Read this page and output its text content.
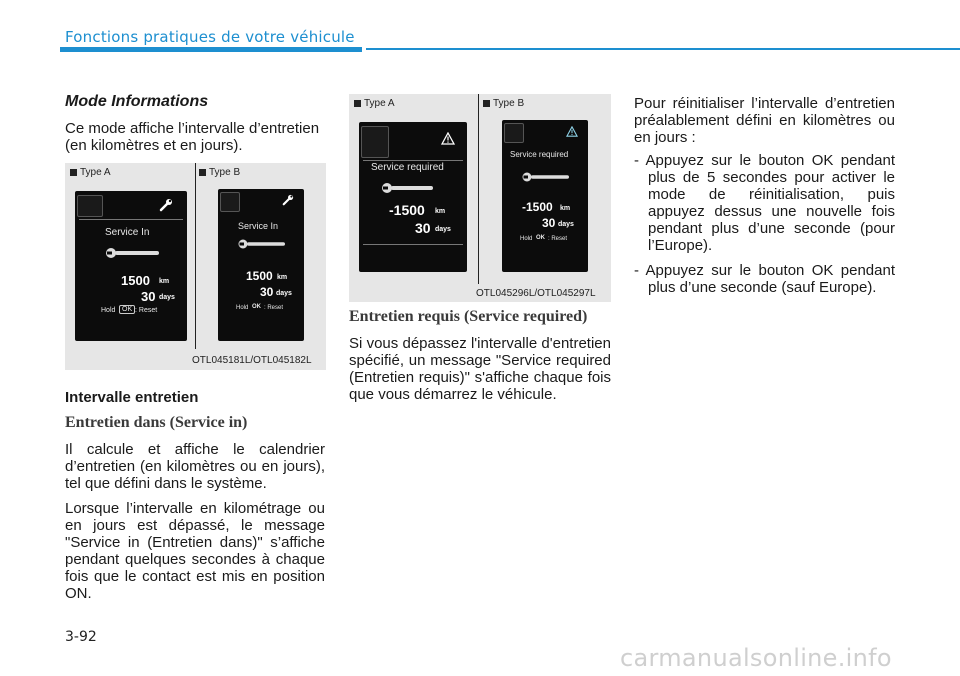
Fonctions pratiques de votre véhicule
Mode Informations

Ce mode affiche l’intervalle d’entretien (en kilomètres et en jours).

Type A	Type B
Service In
1500 km
30 days
Hold OK : Reset
Service In
1500 km
30 days
Hold OK : Reset
OTL045181L/OTL045182L
Intervalle entretien
Entretien dans (Service in)

Il calcule et affiche le calendrier d’entretien (en kilomètres ou en jours), tel que défini dans le système.

Lorsque l’intervalle en kilométrage ou en jours est dépassé, le message "Service in (Entretien dans)" s’affiche pendant quelques secondes à chaque fois que le contact est mis en position ON.

Type A	Type B
Service required
-1500 km
30 days
Service required
-1500 km
30 days
Hold OK : Reset
OTL045296L/OTL045297L
Entretien requis (Service required)

Si vous dépassez l'intervalle d'entretien spécifié, un message "Service required (Entretien requis)" s'affiche chaque fois que vous démarrez le véhicule.

Pour réinitialiser l’intervalle d’entretien préalablement défini en kilomètres ou en jours :

- Appuyez sur le bouton OK pendant plus de 5 secondes pour activer le mode de réinitialisation, puis appuyez dessus une nouvelle fois pendant plus d’une seconde (pour l’Europe).

- Appuyez sur le bouton OK pendant plus d’une seconde (sauf Europe).

3-92
carmanualsonline.info
